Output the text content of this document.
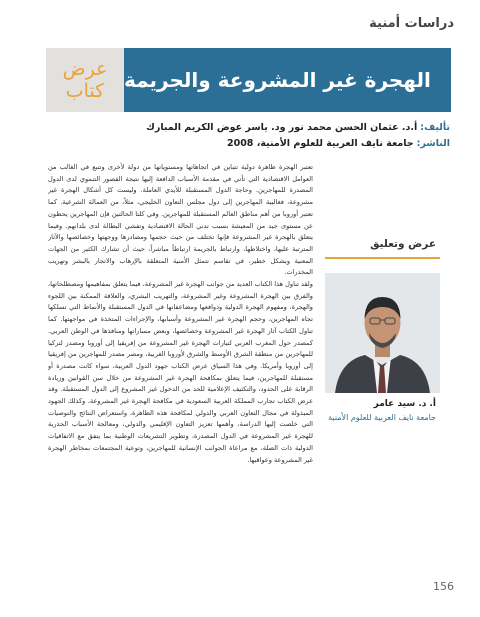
دراسات أمنية
عرض
كتاب الهجرة غير المشروعة والجريمة
تأليف: أ.د. عثمان الحسن محمد نور ود. ياسر عوض الكريم المبارك
الناشر: جامعة نايف العربية للعلوم الأمنية، 2008

تعتبر الهجرة ظاهرة دولية تتباين في اتجاهاتها ومستوياتها من دولة لأخرى وتتبع في الغالب من العوامل الاقتصادية التي تأتي في مقدمة الأسباب الدافعة إليها نتيجة القصور التنموي لدى الدول المصدرة للمهاجرين. وحاجة الدول المستقبلة للأيدي العاملة. وليست كل أشكال الهجرة غير مشروعة، فغالبية المهاجرين إلى دول مجلس التعاون الخليجي، مثلاً، من العمالة الشرعية. كما تعتبر أوروبا من أهم مناطق العالم المستقبلة للمهاجرين. وفي كلتا الحالتين فإن المهاجرين يحظون عن مستوى جيد من المعيشة بسبب تدني الحالة الاقتصادية وتفشي البطالة لدى بلدانهم. وفيما يتعلق بالهجرة غير المشروعة فإنها تختلف من حيث حجمها ومصادرها ووجهتها وخصائصها والآثار المترتبة عليها، واختلاطها، وارتباط بالجريمة ارتباطاً مباشراً، حيث أن تشارك الكثير من الجهات المعنية وبشكل خطير، في تقاسم تتمثل الأمنية المتعلقة بالإرهاب والاتجار بالبشر وتهريب المخدرات.

ولقد تناول هذا الكتاب العديد من جوانب الهجرة غير المشروعة، فيما يتعلق بمفاهيمها ومصطلحاتها، والفرق بين الهجرة المشروعة وغير المشروعة، والتهريب البشري، والعلاقة الممكنة بين اللجوء والهجرة، ومفهوم الهجرة الدولية ودوافعها ومضاعفاتها في الدول المستقبلة والأنماط التي تسلكها تجاه المهاجرين، وحجم الهجرة غير المشروعة وأسبابها، والإجراءات المتخذة في مواجهتها. كما تناول الكتاب آثار الهجرة غير المشروعة وخصائصها، وبعض مساراتها ومنافذها في الوطن العربي. كمصدر حول المغرب العربي لتيارات الهجرة غير المشروعة من إفريقيا إلى أوروبا ومصدر لتركيا للمهاجرين من منطقة الشرق الأوسط والشرق لأوروبا الغربية، ومصر مصدر للمهاجرين من إفريقيا إلى أوروبا وأمريكا. وفي هذا السياق عرض الكتاب جهود الدول العربية، سواء كانت مصدرة أو مستقبلة للمهاجرين، فيما يتعلق بمكافحة الهجرة غير المشروعة من خلال سن القوانين وزيادة الرقابة على الحدود، والتكثيف الإعلامية للحد من الدخول غير المشروع إلى الدول المستقبلة. وقد عرض الكتاب تجارب المملكة العربية السعودية في مكافحة الهجرة غير المشروعة، وكذلك الجهود المبذولة في مجال التعاون العربي والدولي لمكافحة هذه الظاهرة، واستعراض النتائج والتوصيات التي خلصت إليها الدراسة، وأهمها تعزيز التعاون الإقليمي والدولي، ومعالجة الأسباب الجذرية للهجرة غير المشروعة في الدول المصدرة، وتطوير التشريعات الوطنية بما يتفق مع الاتفاقيات الدولية ذات الصلة، مع مراعاة الجوانب الإنسانية للمهاجرين، وتوعية المجتمعات بمخاطر الهجرة غير المشروعة وعواقبها.

عرض وتعليق
أ. د. سيد عامر
جامعة نايف العربية للعلوم الأمنية
156
